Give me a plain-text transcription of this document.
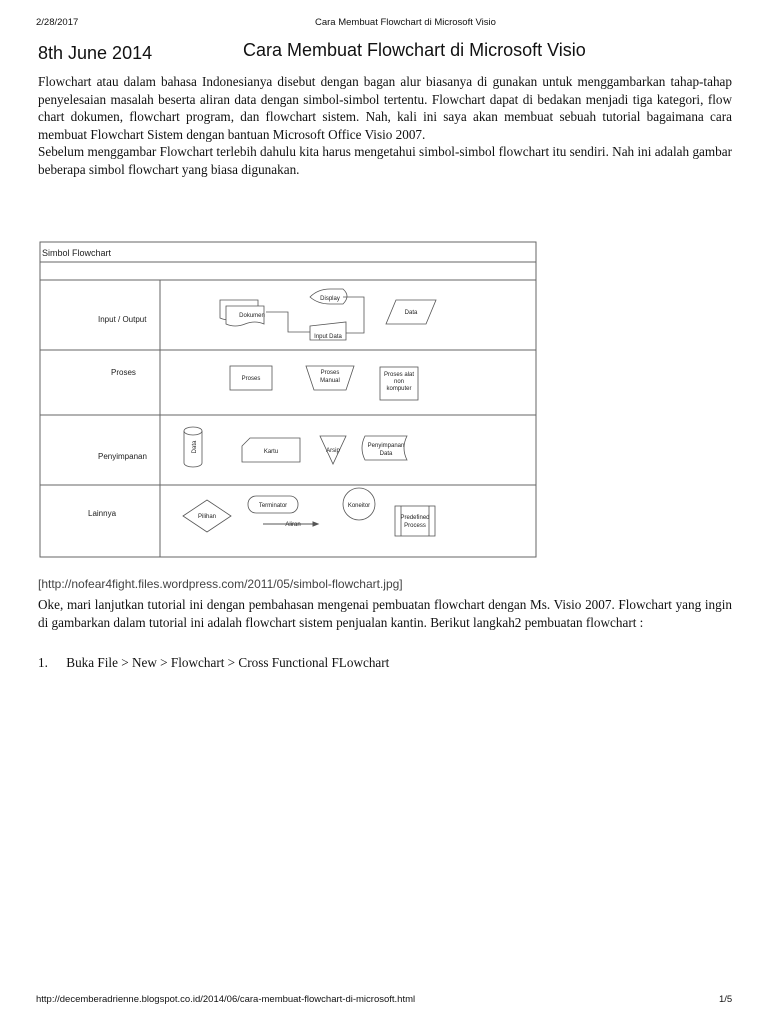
2/28/2017	Cara Membuat Flowchart di Microsoft Visio
8th June 2014	Cara Membuat Flowchart di Microsoft Visio

Flowchart atau dalam bahasa Indonesianya disebut dengan bagan alur biasanya di gunakan untuk menggambarkan tahap-tahap penyelesaian masalah beserta aliran data dengan simbol-simbol tertentu. Flowchart dapat di bedakan menjadi tiga kategori, flow chart dokumen, flowchart program, dan flowchart sistem. Nah, kali ini saya akan membuat sebuah tutorial bagaimana cara membuat Flowchart Sistem dengan bantuan Microsoft Office Visio 2007.

Sebelum menggambar Flowchart terlebih dahulu kita harus mengetahui simbol-simbol flowchart itu sendiri. Nah ini adalah gambar beberapa simbol flowchart yang biasa digunakan.

Simbol Flowchart
Input / Output
Proses
Penyimpanan
Lainnya
Dokumen
Display
Input Data
Data
Proses
Proses
Manual
Proses alat
non
komputer
Data	Kartu	Arsip
Penyimpanan
Data
Pilihan
Terminator
Aliran
Koneitor
Predefined
Process
[http://nofear4fight.files.wordpress.com/2011/05/simbol-flowchart.jpg]
Oke, mari lanjutkan tutorial ini dengan pembahasan mengenai pembuatan flowchart dengan Ms. Visio 2007. Flowchart yang ingin di gambarkan dalam tutorial ini adalah flowchart sistem penjualan kantin. Berikut langkah2 pembuatan flowchart :
1. Buka File > New > Flowchart > Cross Functional FLowchart
http://decemberadrienne.blogspot.co.id/2014/06/cara-membuat-flowchart-di-microsoft.html	1/5
